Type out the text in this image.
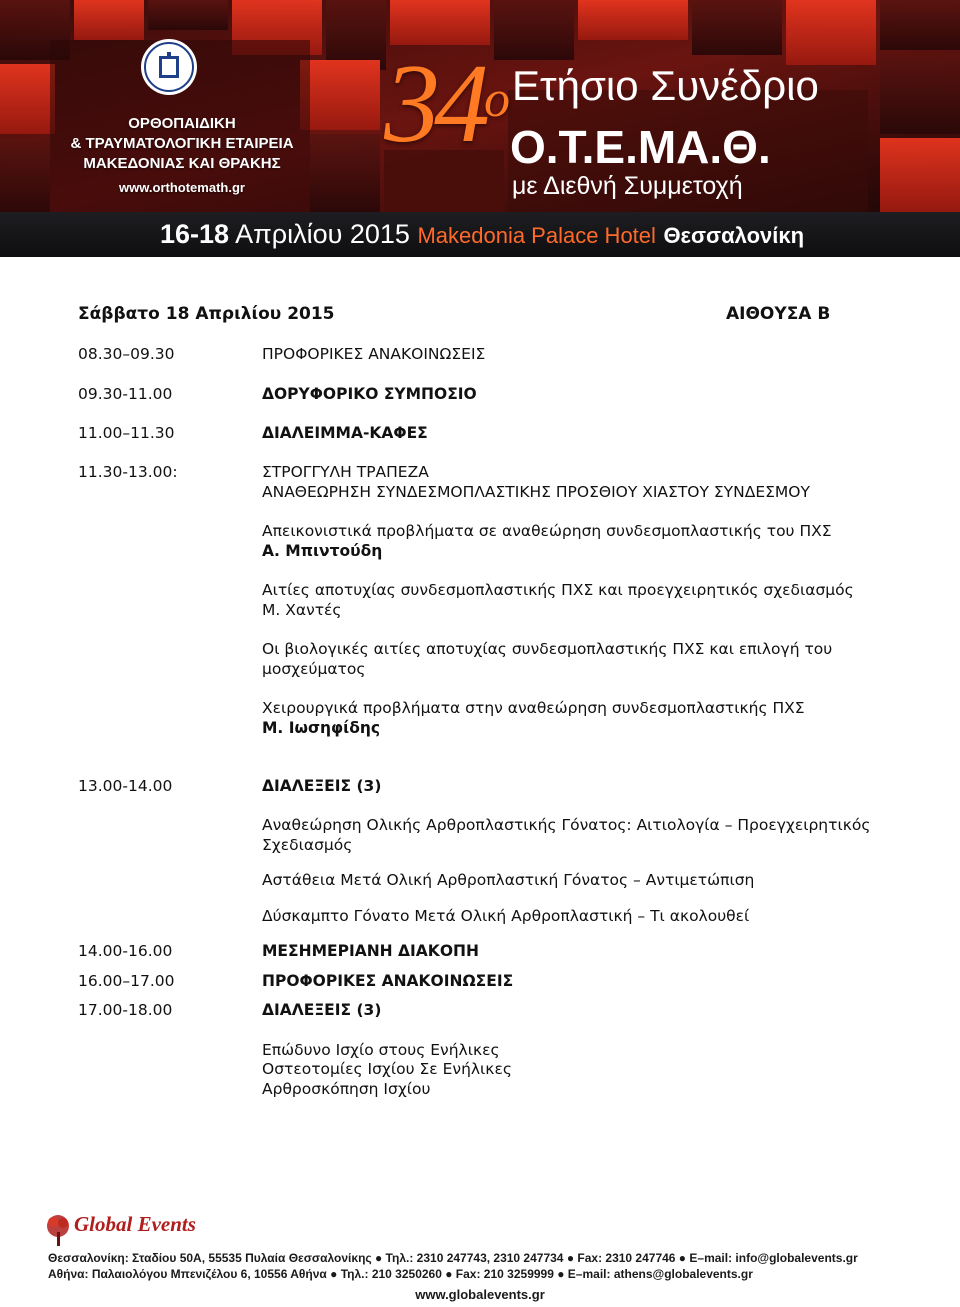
ΟΡΘΟΠΑΙΔΙΚΗ
& ΤΡΑΥΜΑΤΟΛΟΓΙΚΗ ΕΤΑΙΡΕΙΑ
ΜΑΚΕΔΟΝΙΑΣ ΚΑΙ ΘΡΑΚΗΣ
www.orthotemath.gr
$34^o$ Ετήσιο Συνέδριο
Ο.Τ.Ε.ΜΑ.Θ.
με Διεθνή Συμμετοχή
16-18 Απριλίου 2015 Makedonia Palace Hotel Θεσσαλονίκη
Σάββατο 18 Απριλίου 2015	ΑΙΘΟΥΣΑ Β
08.30–09.30	ΠΡΟΦΟΡΙΚΕΣ ΑΝΑΚΟΙΝΩΣΕΙΣ
09.30-11.00	ΔΟΡΥΦΟΡΙΚΟ ΣΥΜΠΟΣΙΟ
11.00–11.30	ΔΙΑΛΕΙΜΜΑ-ΚΑΦΕΣ
11.30-13.00:	ΣΤΡΟΓΓΥΛΗ ΤΡΑΠΕΖΑ
ΑΝΑΘΕΩΡΗΣΗ ΣΥΝΔΕΣΜΟΠΛΑΣΤΙΚΗΣ ΠΡΟΣΘΙΟΥ ΧΙΑΣΤΟΥ ΣΥΝΔΕΣΜΟΥ
Απεικονιστικά προβλήματα σε αναθεώρηση συνδεσμοπλαστικής του ΠΧΣ
Α. Μπιντούδη
Αιτίες αποτυχίας συνδεσμοπλαστικής ΠΧΣ και προεγχειρητικός σχεδιασμός
Μ. Χαντές
Οι βιολογικές αιτίες αποτυχίας συνδεσμοπλαστικής ΠΧΣ και επιλογή του
μοσχεύματος
Χειρουργικά προβλήματα στην αναθεώρηση συνδεσμοπλαστικής ΠΧΣ
Μ. Ιωσηφίδης
13.00-14.00	ΔΙΑΛΕΞΕΙΣ (3)
Αναθεώρηση Ολικής Αρθροπλαστικής Γόνατος: Αιτιολογία – Προεγχειρητικός
Σχεδιασμός
Αστάθεια Μετά Ολική Αρθροπλαστική Γόνατος – Αντιμετώπιση
Δύσκαμπτο Γόνατο Μετά Ολική Αρθροπλαστική – Τι ακολουθεί
14.00-16.00	ΜΕΣΗΜΕΡΙΑΝΗ ΔΙΑΚΟΠΗ
16.00–17.00	ΠΡΟΦΟΡΙΚΕΣ ΑΝΑΚΟΙΝΩΣΕΙΣ
17.00-18.00	ΔΙΑΛΕΞΕΙΣ (3)
Επώδυνο Ισχίο στους Ενήλικες
Οστεοτομίες Ισχίου Σε Ενήλικες
Αρθροσκόπηση Ισχίου
Global Events
Θεσσαλονίκη: Σταδίου 50Α, 55535 Πυλαία Θεσσαλονίκης ● Τηλ.: 2310 247743, 2310 247734 ● Fax: 2310 247746 ● E–mail: info@globalevents.gr
Αθήνα: Παλαιολόγου Μπενιζέλου 6, 10556 Αθήνα ● Τηλ.: 210 3250260 ● Fax: 210 3259999 ● E–mail: athens@globalevents.gr
www.globalevents.gr
